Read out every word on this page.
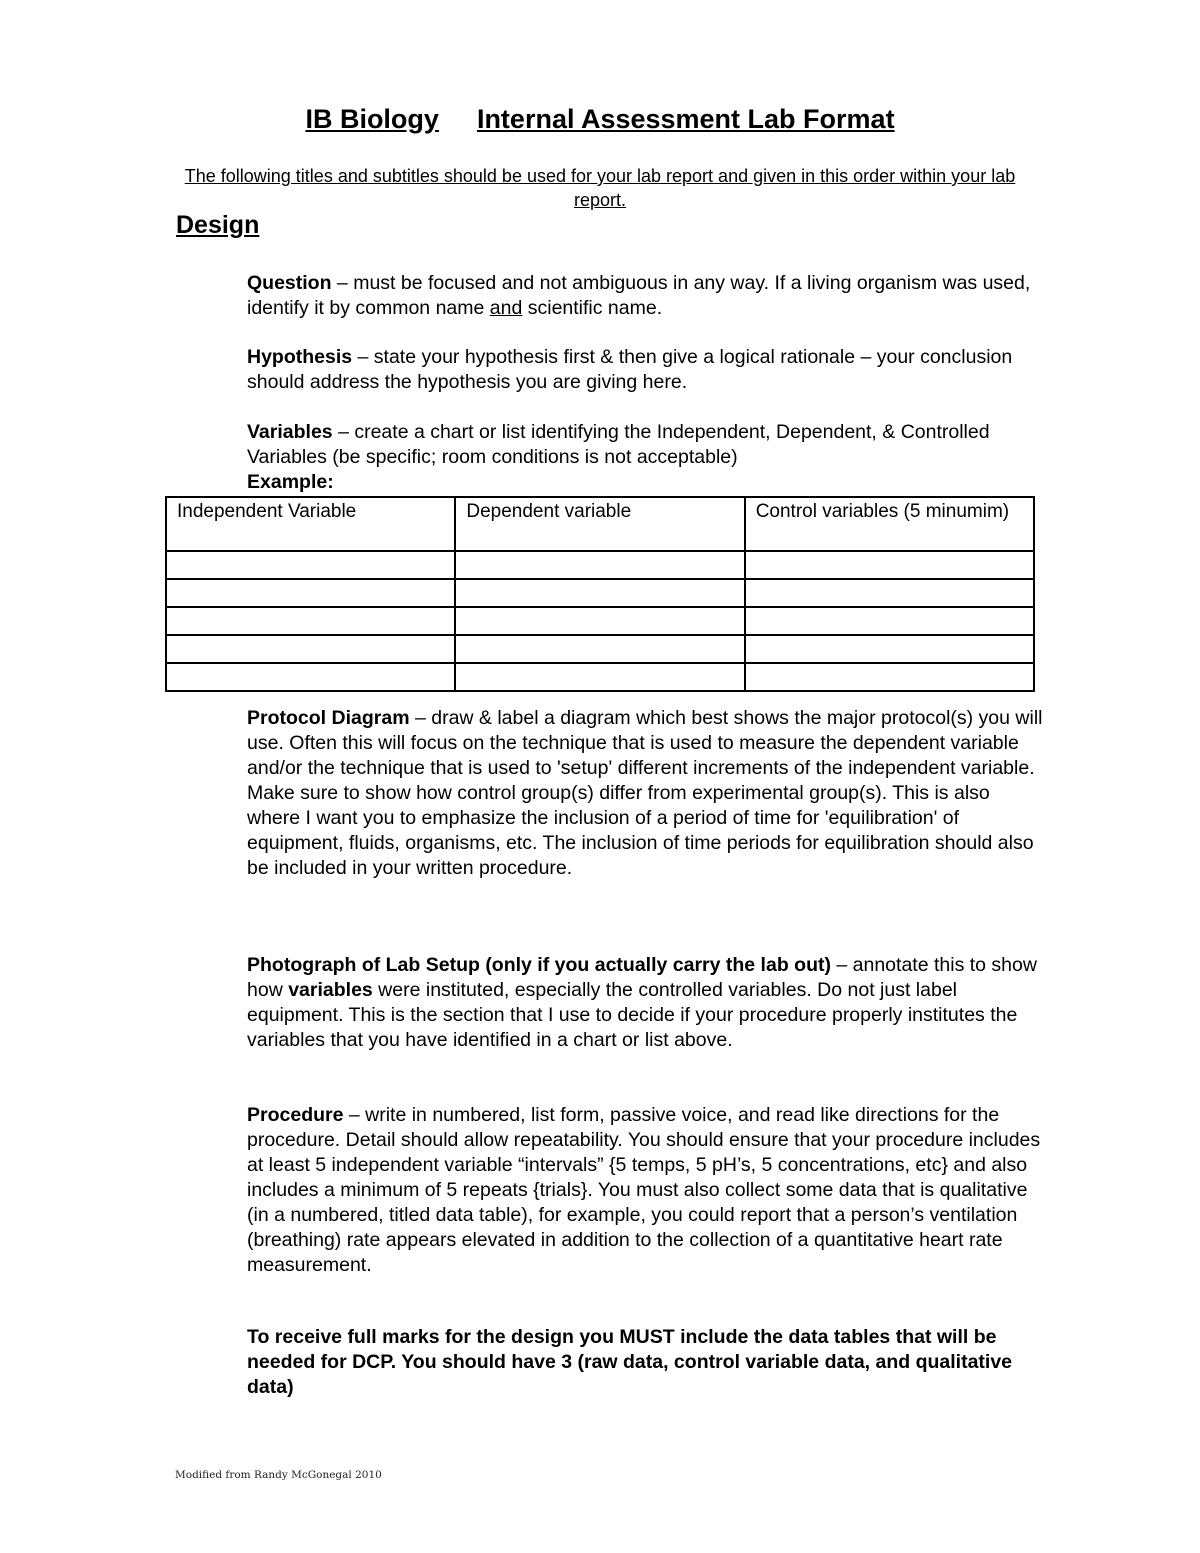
IB Biology Internal Assessment Lab Format
The following titles and subtitles should be used for your lab report and given in this order within your lab report.
Design
Question – must be focused and not ambiguous in any way. If a living organism was used, identify it by common name and scientific name.
Hypothesis – state your hypothesis first & then give a logical rationale – your conclusion should address the hypothesis you are giving here.
Variables – create a chart or list identifying the Independent, Dependent, & Controlled Variables (be specific; room conditions is not acceptable)
Example:
Independent Variable	Dependent variable	Control variables (5 minumim)

Protocol Diagram – draw & label a diagram which best shows the major protocol(s) you will use. Often this will focus on the technique that is used to measure the dependent variable and/or the technique that is used to 'setup' different increments of the independent variable. Make sure to show how control group(s) differ from experimental group(s). This is also where I want you to emphasize the inclusion of a period of time for 'equilibration' of equipment, fluids, organisms, etc. The inclusion of time periods for equilibration should also be included in your written procedure.
Photograph of Lab Setup (only if you actually carry the lab out) – annotate this to show how variables were instituted, especially the controlled variables. Do not just label equipment. This is the section that I use to decide if your procedure properly institutes the variables that you have identified in a chart or list above.
Procedure – write in numbered, list form, passive voice, and read like directions for the procedure. Detail should allow repeatability. You should ensure that your procedure includes at least 5 independent variable “intervals” {5 temps, 5 pH’s, 5 concentrations, etc} and also includes a minimum of 5 repeats {trials}. You must also collect some data that is qualitative (in a numbered, titled data table), for example, you could report that a person’s ventilation (breathing) rate appears elevated in addition to the collection of a quantitative heart rate measurement.
To receive full marks for the design you MUST include the data tables that will be needed for DCP. You should have 3 (raw data, control variable data, and qualitative data)
Modified from Randy McGonegal 2010
